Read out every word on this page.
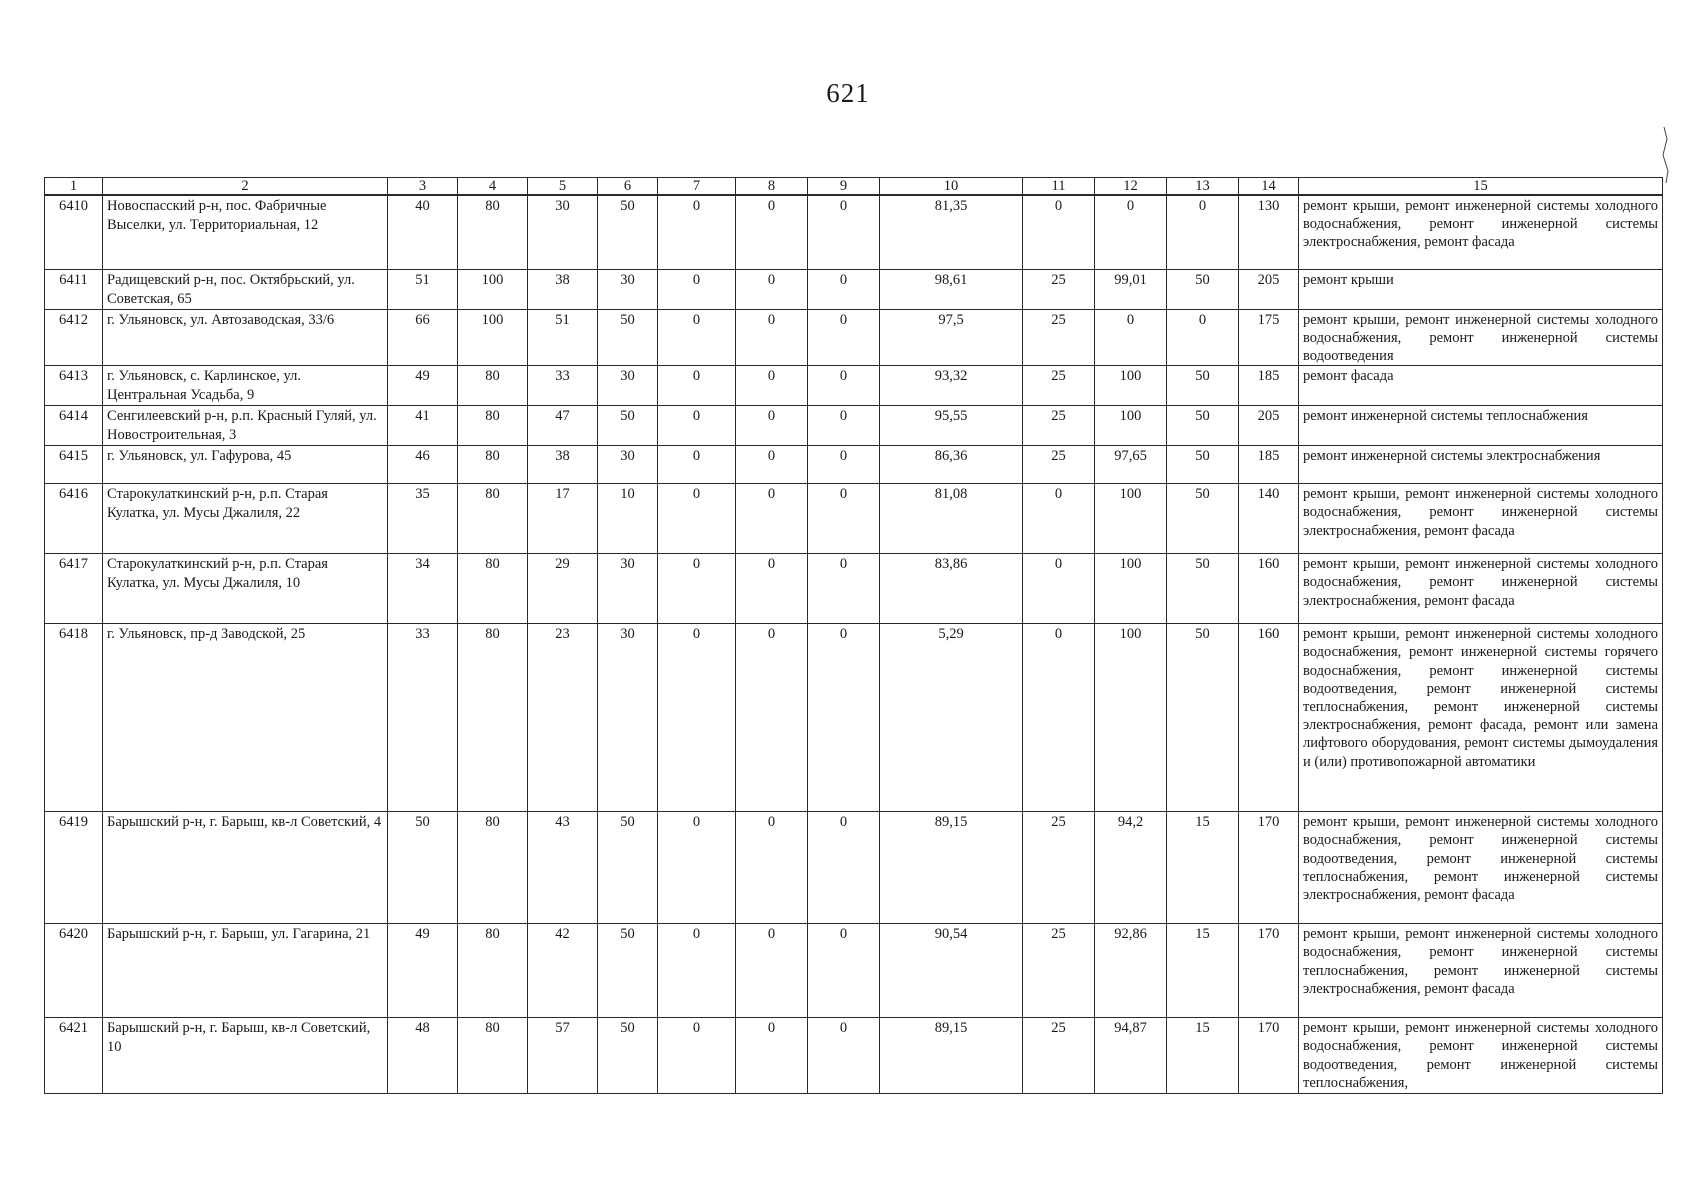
621
1	2	3	4	5	6	7	8	9	10	11	12	13	14	15
6410	Новоспасский р-н, пос. Фабричные Выселки, ул. Территориальная, 12	40	80	30	50	0	0	0	81,35	0	0	0	130	ремонт крыши, ремонт инженерной системы холодного водоснабжения, ремонт инженерной системы электроснабжения, ремонт фасада
6411	Радищевский р-н, пос. Октябрьский, ул. Советская, 65	51	100	38	30	0	0	0	98,61	25	99,01	50	205	ремонт крыши
6412	г. Ульяновск, ул. Автозаводская, 33/6	66	100	51	50	0	0	0	97,5	25	0	0	175	ремонт крыши, ремонт инженерной системы холодного водоснабжения, ремонт инженерной системы водоотведения
6413	г. Ульяновск, с. Карлинское, ул. Центральная Усадьба, 9	49	80	33	30	0	0	0	93,32	25	100	50	185	ремонт фасада
6414	Сенгилеевский р-н, р.п. Красный Гуляй, ул. Новостроительная, 3	41	80	47	50	0	0	0	95,55	25	100	50	205	ремонт инженерной системы теплоснабжения
6415	г. Ульяновск, ул. Гафурова, 45	46	80	38	30	0	0	0	86,36	25	97,65	50	185	ремонт инженерной системы электроснабжения
6416	Старокулаткинский р-н, р.п. Старая Кулатка, ул. Мусы Джалиля, 22	35	80	17	10	0	0	0	81,08	0	100	50	140	ремонт крыши, ремонт инженерной системы холодного водоснабжения, ремонт инженерной системы электроснабжения, ремонт фасада
6417	Старокулаткинский р-н, р.п. Старая Кулатка, ул. Мусы Джалиля, 10	34	80	29	30	0	0	0	83,86	0	100	50	160	ремонт крыши, ремонт инженерной системы холодного водоснабжения, ремонт инженерной системы электроснабжения, ремонт фасада
6418	г. Ульяновск, пр-д Заводской, 25	33	80	23	30	0	0	0	5,29	0	100	50	160	ремонт крыши, ремонт инженерной системы холодного водоснабжения, ремонт инженерной системы горячего водоснабжения, ремонт инженерной системы водоотведения, ремонт инженерной системы теплоснабжения, ремонт инженерной системы электроснабжения, ремонт фасада, ремонт или замена лифтового оборудования, ремонт системы дымоудаления и (или) противопожарной автоматики
6419	Барышский р-н, г. Барыш, кв-л Советский, 4	50	80	43	50	0	0	0	89,15	25	94,2	15	170	ремонт крыши, ремонт инженерной системы холодного водоснабжения, ремонт инженерной системы водоотведения, ремонт инженерной системы теплоснабжения, ремонт инженерной системы электроснабжения, ремонт фасада
6420	Барышский р-н, г. Барыш, ул. Гагарина, 21	49	80	42	50	0	0	0	90,54	25	92,86	15	170	ремонт крыши, ремонт инженерной системы холодного водоснабжения, ремонт инженерной системы теплоснабжения, ремонт инженерной системы электроснабжения, ремонт фасада
6421	Барышский р-н, г. Барыш, кв-л Советский, 10	48	80	57	50	0	0	0	89,15	25	94,87	15	170	ремонт крыши, ремонт инженерной системы холодного водоснабжения, ремонт инженерной системы водоотведения, ремонт инженерной системы теплоснабжения,
